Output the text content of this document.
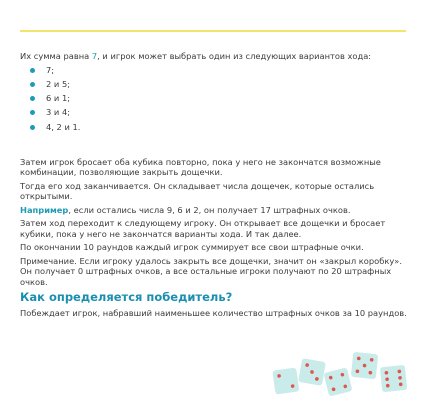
Их сумма равна 7, и игрок может выбрать один из следующих вариантов хода:

7;
2 и 5;
6 и 1;
3 и 4;
4, 2 и 1.

Затем игрок бросает оба кубика повторно, пока у него не закончатся возможные комбинации, позволяющие закрыть дощечки.

Тогда его ход заканчивается. Он складывает числа дощечек, которые остались открытыми.

Например, если остались числа 9, 6 и 2, он получает 17 штрафных очков.

Затем ход переходит к следующему игроку. Он открывает все дощечки и бросает кубики, пока у него не закончатся варианты хода. И так далее.

По окончании 10 раундов каждый игрок суммирует все свои штрафные очки.

Примечание. Если игроку удалось закрыть все дощечки, значит он «закрыл коробку». Он получает 0 штрафных очков, а все остальные игроки получают по 20 штрафных очков.

Как определяется победитель?

Побеждает игрок, набравший наименьшее количество штрафных очков за 10 раундов.
